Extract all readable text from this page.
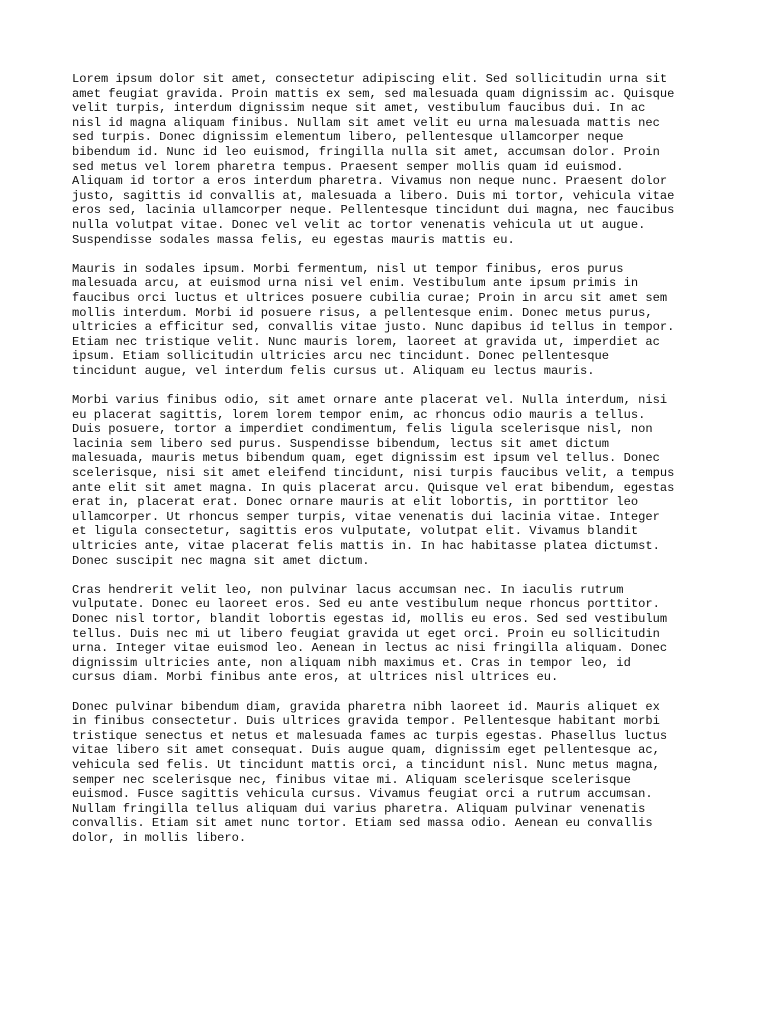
Lorem ipsum dolor sit amet, consectetur adipiscing elit. Sed sollicitudin urna sit
amet feugiat gravida. Proin mattis ex sem, sed malesuada quam dignissim ac. Quisque
velit turpis, interdum dignissim neque sit amet, vestibulum faucibus dui. In ac
nisl id magna aliquam finibus. Nullam sit amet velit eu urna malesuada mattis nec
sed turpis. Donec dignissim elementum libero, pellentesque ullamcorper neque
bibendum id. Nunc id leo euismod, fringilla nulla sit amet, accumsan dolor. Proin
sed metus vel lorem pharetra tempus. Praesent semper mollis quam id euismod.
Aliquam id tortor a eros interdum pharetra. Vivamus non neque nunc. Praesent dolor
justo, sagittis id convallis at, malesuada a libero. Duis mi tortor, vehicula vitae
eros sed, lacinia ullamcorper neque. Pellentesque tincidunt dui magna, nec faucibus
nulla volutpat vitae. Donec vel velit ac tortor venenatis vehicula ut ut augue.
Suspendisse sodales massa felis, eu egestas mauris mattis eu.
Mauris in sodales ipsum. Morbi fermentum, nisl ut tempor finibus, eros purus
malesuada arcu, at euismod urna nisi vel enim. Vestibulum ante ipsum primis in
faucibus orci luctus et ultrices posuere cubilia curae; Proin in arcu sit amet sem
mollis interdum. Morbi id posuere risus, a pellentesque enim. Donec metus purus,
ultricies a efficitur sed, convallis vitae justo. Nunc dapibus id tellus in tempor.
Etiam nec tristique velit. Nunc mauris lorem, laoreet at gravida ut, imperdiet ac
ipsum. Etiam sollicitudin ultricies arcu nec tincidunt. Donec pellentesque
tincidunt augue, vel interdum felis cursus ut. Aliquam eu lectus mauris.
Morbi varius finibus odio, sit amet ornare ante placerat vel. Nulla interdum, nisi
eu placerat sagittis, lorem lorem tempor enim, ac rhoncus odio mauris a tellus.
Duis posuere, tortor a imperdiet condimentum, felis ligula scelerisque nisl, non
lacinia sem libero sed purus. Suspendisse bibendum, lectus sit amet dictum
malesuada, mauris metus bibendum quam, eget dignissim est ipsum vel tellus. Donec
scelerisque, nisi sit amet eleifend tincidunt, nisi turpis faucibus velit, a tempus
ante elit sit amet magna. In quis placerat arcu. Quisque vel erat bibendum, egestas
erat in, placerat erat. Donec ornare mauris at elit lobortis, in porttitor leo
ullamcorper. Ut rhoncus semper turpis, vitae venenatis dui lacinia vitae. Integer
et ligula consectetur, sagittis eros vulputate, volutpat elit. Vivamus blandit
ultricies ante, vitae placerat felis mattis in. In hac habitasse platea dictumst.
Donec suscipit nec magna sit amet dictum.
Cras hendrerit velit leo, non pulvinar lacus accumsan nec. In iaculis rutrum
vulputate. Donec eu laoreet eros. Sed eu ante vestibulum neque rhoncus porttitor.
Donec nisl tortor, blandit lobortis egestas id, mollis eu eros. Sed sed vestibulum
tellus. Duis nec mi ut libero feugiat gravida ut eget orci. Proin eu sollicitudin
urna. Integer vitae euismod leo. Aenean in lectus ac nisi fringilla aliquam. Donec
dignissim ultricies ante, non aliquam nibh maximus et. Cras in tempor leo, id
cursus diam. Morbi finibus ante eros, at ultrices nisl ultrices eu.
Donec pulvinar bibendum diam, gravida pharetra nibh laoreet id. Mauris aliquet ex
in finibus consectetur. Duis ultrices gravida tempor. Pellentesque habitant morbi
tristique senectus et netus et malesuada fames ac turpis egestas. Phasellus luctus
vitae libero sit amet consequat. Duis augue quam, dignissim eget pellentesque ac,
vehicula sed felis. Ut tincidunt mattis orci, a tincidunt nisl. Nunc metus magna,
semper nec scelerisque nec, finibus vitae mi. Aliquam scelerisque scelerisque
euismod. Fusce sagittis vehicula cursus. Vivamus feugiat orci a rutrum accumsan.
Nullam fringilla tellus aliquam dui varius pharetra. Aliquam pulvinar venenatis
convallis. Etiam sit amet nunc tortor. Etiam sed massa odio. Aenean eu convallis
dolor, in mollis libero.
